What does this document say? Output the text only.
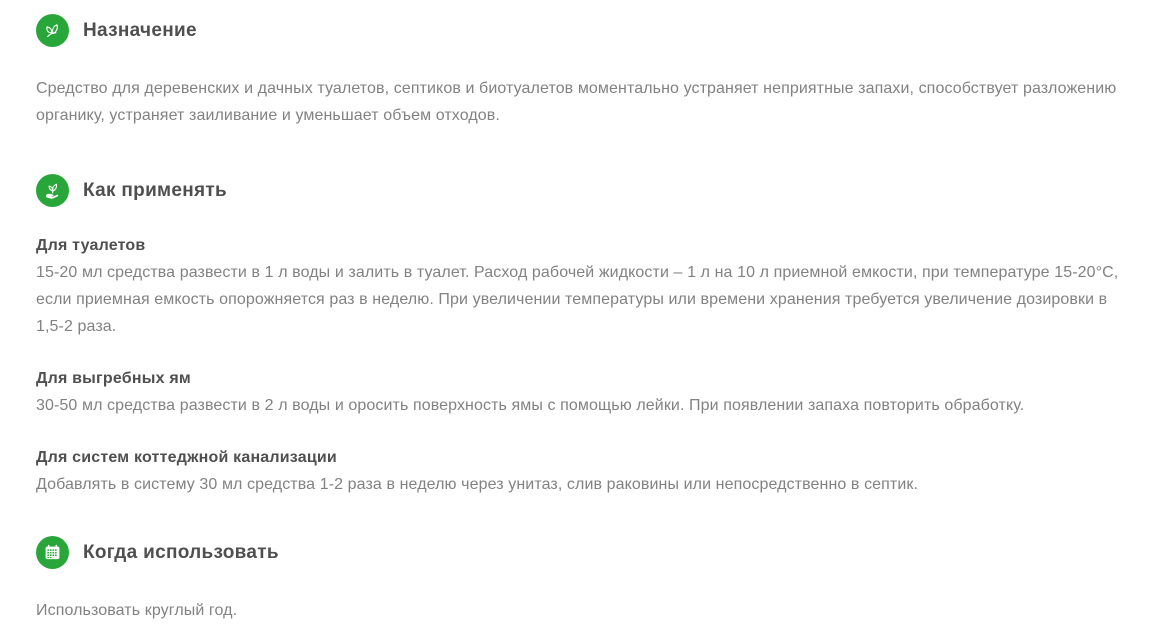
Назначение

Средство для деревенских и дачных туалетов, септиков и биотуалетов моментально устраняет неприятные запахи, способствует разложению органику, устраняет заиливание и уменьшает объем отходов.

Как применять

Для туалетов

15-20 мл средства развести в 1 л воды и залить в туалет. Расход рабочей жидкости – 1 л на 10 л приемной емкости, при температуре 15-20°С, если приемная емкость опорожняется раз в неделю. При увеличении температуры или времени хранения требуется увеличение дозировки в 1,5-2 раза.

Для выгребных ям

30-50 мл средства развести в 2 л воды и оросить поверхность ямы с помощью лейки. При появлении запаха повторить обработку.

Для систем коттеджной канализации

Добавлять в систему 30 мл средства 1-2 раза в неделю через унитаз, слив раковины или непосредственно в септик.

Когда использовать

Использовать круглый год.
